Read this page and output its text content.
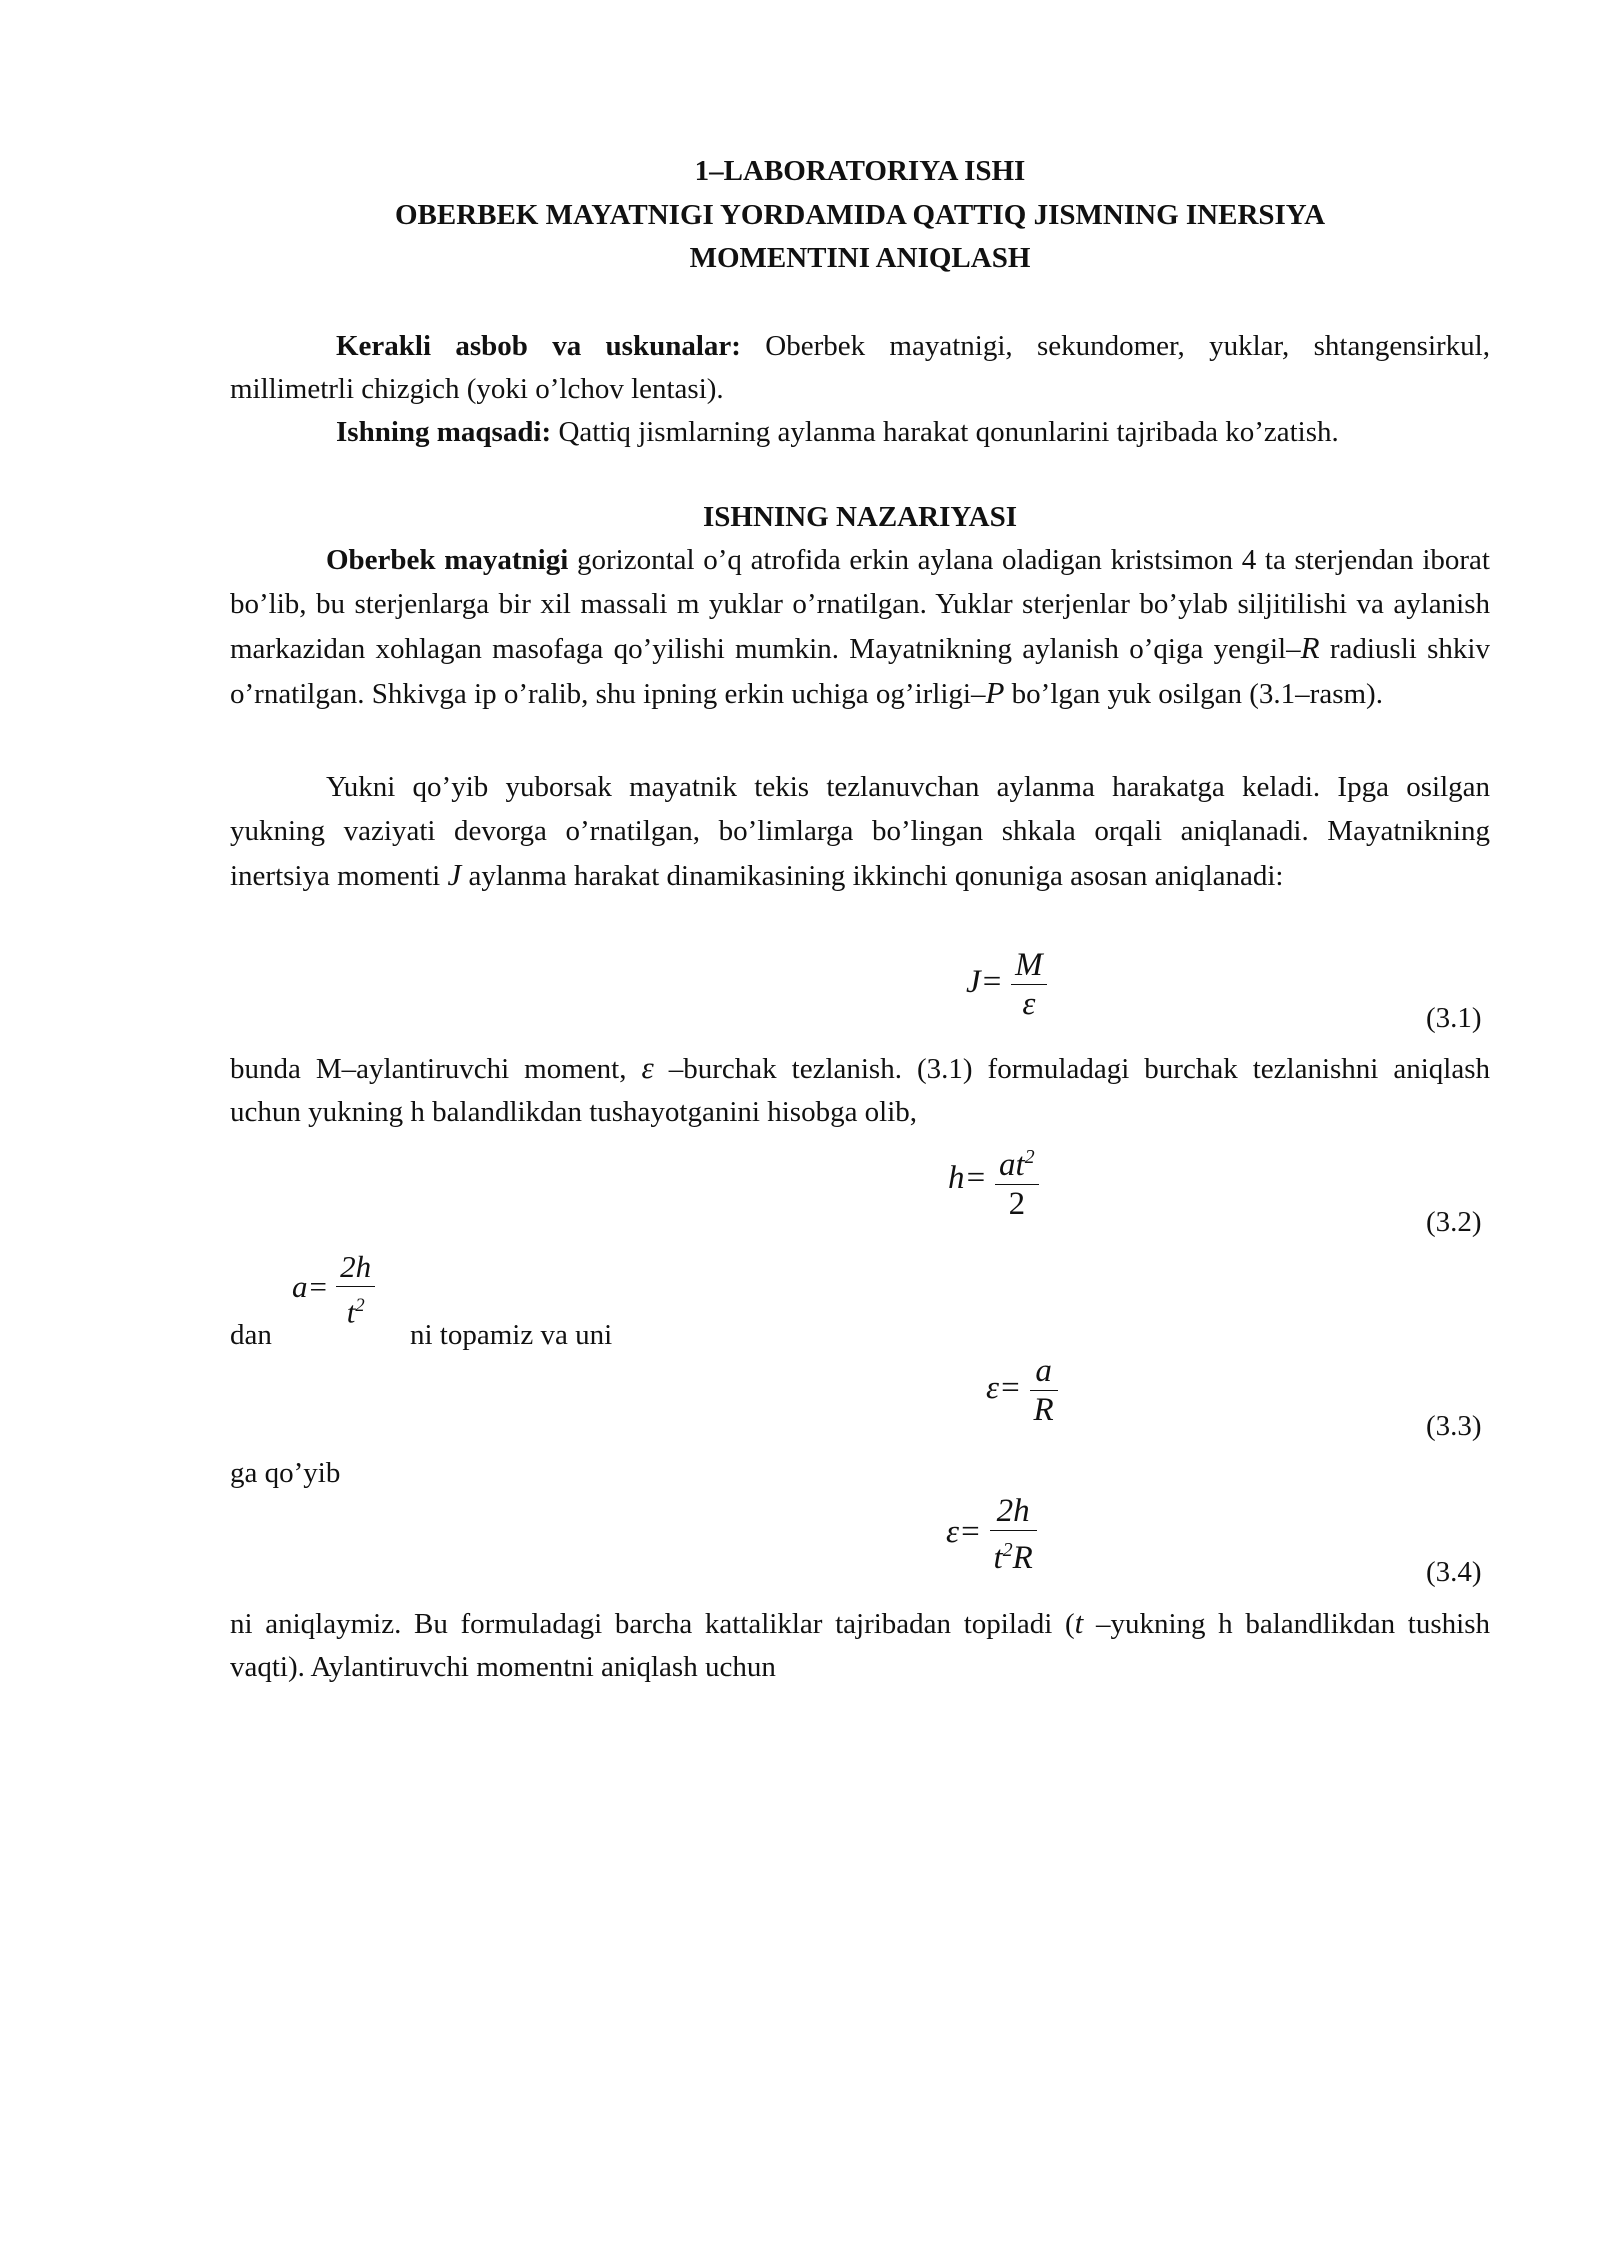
1–LABORATORIYA ISHI
OBERBEK MAYATNIGI YORDAMIDA QATTIQ JISMNING INERSIYA
MOMENTINI ANIQLASH

Kerakli asbob va uskunalar: Oberbek mayatnigi, sekundomer, yuklar, shtangensirkul,

millimetrli chizgich (yoki o’lchov lentasi).

Ishning maqsadi: Qattiq jismlarning aylanma harakat qonunlarini tajribada ko’zatish.

ISHNING NAZARIYASI

Oberbek mayatnigi gorizontal o’q atrofida erkin aylana oladigan kristsimon 4 ta sterjendan iborat bo’lib, bu sterjenlarga bir xil massali m yuklar o’rnatilgan. Yuklar sterjenlar bo’ylab siljitilishi va aylanish markazidan xohlagan masofaga qo’yilishi mumkin. Mayatnikning aylanish o’qiga yengil–R radiusli shkiv o’rnatilgan. Shkivga ip o’ralib, shu ipning erkin uchiga og’irligi–P bo’lgan yuk osilgan (3.1–rasm).

Yukni qo’yib yuborsak mayatnik tekis tezlanuvchan aylanma harakatga keladi. Ipga osilgan yukning vaziyati devorga o’rnatilgan, bo’limlarga bo’lingan shkala orqali aniqlanadi. Mayatnikning inertsiya momenti J aylanma harakat dinamikasining ikkinchi qonuniga asosan aniqlanadi:

$J= \frac{M}{\varepsilon}$	(3.1)

bunda M–aylantiruvchi moment, ε –burchak tezlanish. (3.1) formuladagi burchak tezlanishni aniqlash uchun yukning h balandlikdan tushayotganini hisobga olib,

$h= \frac{at^2}{2}$	(3.2)
dan
$a= \frac{2h}{t^2}$
ni topamiz va uni
$\varepsilon= \frac{a}{R}$	(3.3)
ga qo’yib
$\varepsilon= \frac{2h}{t^2R}$	(3.4)

ni aniqlaymiz. Bu formuladagi barcha kattaliklar tajribadan topiladi (t –yukning h balandlikdan tushish vaqti). Aylantiruvchi momentni aniqlash uchun
